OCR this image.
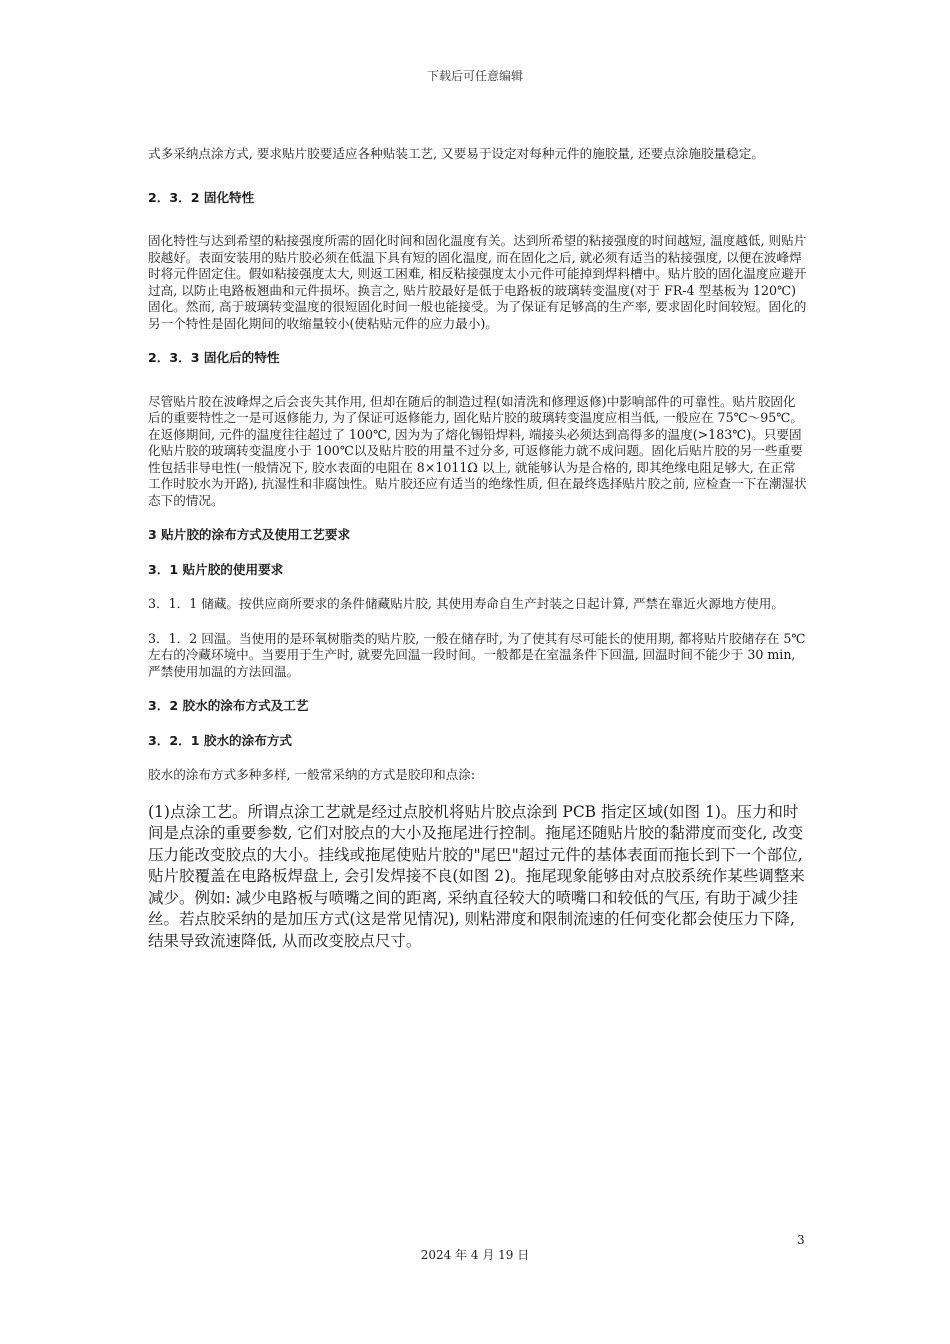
下载后可任意编辑

式多采纳点涂方式, 要求贴片胶要适应各种贴装工艺, 又要易于设定对每种元件的施胶量, 还要点涂施胶量稳定。

2．3．2 固化特性

固化特性与达到希望的粘接强度所需的固化时间和固化温度有关。达到所希望的粘接强度的时间越短, 温度越低, 则贴片胶越好。表面安装用的贴片胶必须在低温下具有短的固化温度, 而在固化之后, 就必须有适当的粘接强度, 以便在波峰焊时将元件固定住。假如粘接强度太大, 则返工困难, 相反粘接强度太小元件可能掉到焊料槽中。贴片胶的固化温度应避开过高, 以防止电路板翘曲和元件损坏。换言之, 贴片胶最好是低于电路板的玻璃转变温度(对于 FR-4 型基板为 120℃)固化。然而, 高于玻璃转变温度的很短固化时间一般也能接受。为了保证有足够高的生产率, 要求固化时间较短。固化的另一个特性是固化期间的收缩量较小(使粘贴元件的应力最小)。

2．3．3 固化后的特性

尽管贴片胶在波峰焊之后会丧失其作用, 但却在随后的制造过程(如清洗和修理返修)中影响部件的可靠性。贴片胶固化后的重要特性之一是可返修能力, 为了保证可返修能力, 固化贴片胶的玻璃转变温度应相当低, 一般应在 75℃～95℃。在返修期间, 元件的温度往往超过了 100℃, 因为为了熔化锡铅焊料, 端接头必须达到高得多的温度(>183℃)。只要固化贴片胶的玻璃转变温度小于 100℃以及贴片胶的用量不过分多, 可返修能力就不成问题。固化后贴片胶的另一些重要性包括非导电性(一般情况下, 胶水表面的电阻在 8×1011Ω 以上, 就能够认为是合格的, 即其绝缘电阻足够大, 在正常工作时胶水为开路), 抗湿性和非腐蚀性。贴片胶还应有适当的绝缘性质, 但在最终选择贴片胶之前, 应检查一下在潮湿状态下的情况。

3 贴片胶的涂布方式及使用工艺要求
3．1 贴片胶的使用要求

3．1．1 储藏。按供应商所要求的条件储藏贴片胶, 其使用寿命自生产封装之日起计算, 严禁在靠近火源地方使用。

3．1．2 回温。当使用的是环氧树脂类的贴片胶, 一般在储存时, 为了使其有尽可能长的使用期, 都将贴片胶储存在 5℃左右的冷藏环境中。当要用于生产时, 就要先回温一段时间。一般都是在室温条件下回温, 回温时间不能少于 30 min, 严禁使用加温的方法回温。

3．2 胶水的涂布方式及工艺
3．2．1 胶水的涂布方式

胶水的涂布方式多种多样, 一般常采纳的方式是胶印和点涂:

(1)点涂工艺。所谓点涂工艺就是经过点胶机将贴片胶点涂到 PCB 指定区域(如图 1)。压力和时间是点涂的重要参数, 它们对胶点的大小及拖尾进行控制。拖尾还随贴片胶的黏滞度而变化, 改变压力能改变胶点的大小。挂线或拖尾使贴片胶的"尾巴"超过元件的基体表面而拖长到下一个部位, 贴片胶覆盖在电路板焊盘上, 会引发焊接不良(如图 2)。拖尾现象能够由对点胶系统作某些调整来减少。例如: 减少电路板与喷嘴之间的距离, 采纳直径较大的喷嘴口和较低的气压, 有助于减少挂丝。若点胶采纳的是加压方式(这是常见情况), 则粘滞度和限制流速的任何变化都会使压力下降, 结果导致流速降低, 从而改变胶点尺寸。

3
2024 年 4 月 19 日
